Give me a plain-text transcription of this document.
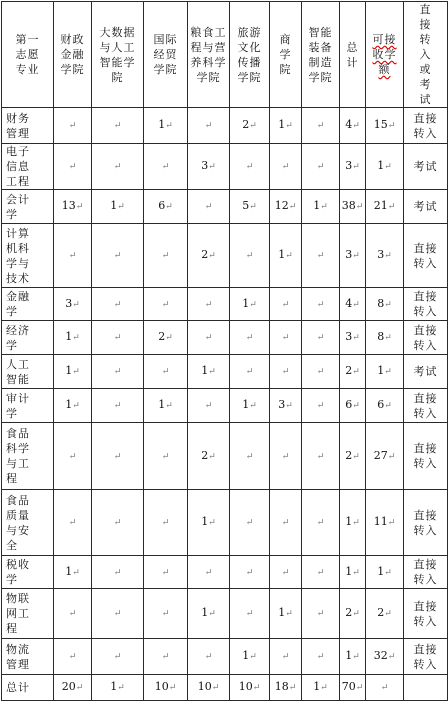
第一志愿专业	财政金融学院	大数据与人工智能学院	国际经贸学院	粮食工程与营养科学学院	旅游文化传播学院	商学院	智能装备制造学院	总计	可接收学额	直接转入或考试

财务管理	↵	↵	1↵	↵	2↵	1↵	↵	4↵	15↵	直接转入

电子信息工程	↵	↵	↵	3↵	↵	↵	↵	3↵	1↵	考试

会计学	13↵	1↵	6↵	↵	5↵	12↵	1↵	38↵	21↵	考试

计算机科学与技术	↵	↵	↵	2↵	↵	1↵	↵	3↵	3↵	直接转入

金融学	3↵	↵	↵	↵	1↵	↵	↵	4↵	8↵	直接转入

经济学	1↵	↵	2↵	↵	↵	↵	↵	3↵	8↵	直接转入

人工智能	1↵	↵	↵	1↵	↵	↵	↵	2↵	1↵	考试

审计学	1↵	↵	1↵	↵	1↵	3↵	↵	6↵	6↵	直接转入

食品科学与工程	↵	↵	↵	2↵	↵	↵	↵	2↵	27↵	直接转入

食品质量与安全	↵	↵	↵	1↵	↵	↵	↵	1↵	11↵	直接转入

税收学	1↵	↵	↵	↵	↵	↵	↵	1↵	1↵	直接转入

物联网工程	↵	↵	↵	1↵	↵	1↵	↵	2↵	2↵	直接转入

物流管理	↵	↵	↵	↵	1↵	↵	↵	1↵	32↵	直接转入

总计	20↵	1↵	10↵	10↵	10↵	18↵	1↵	70↵	↵	
